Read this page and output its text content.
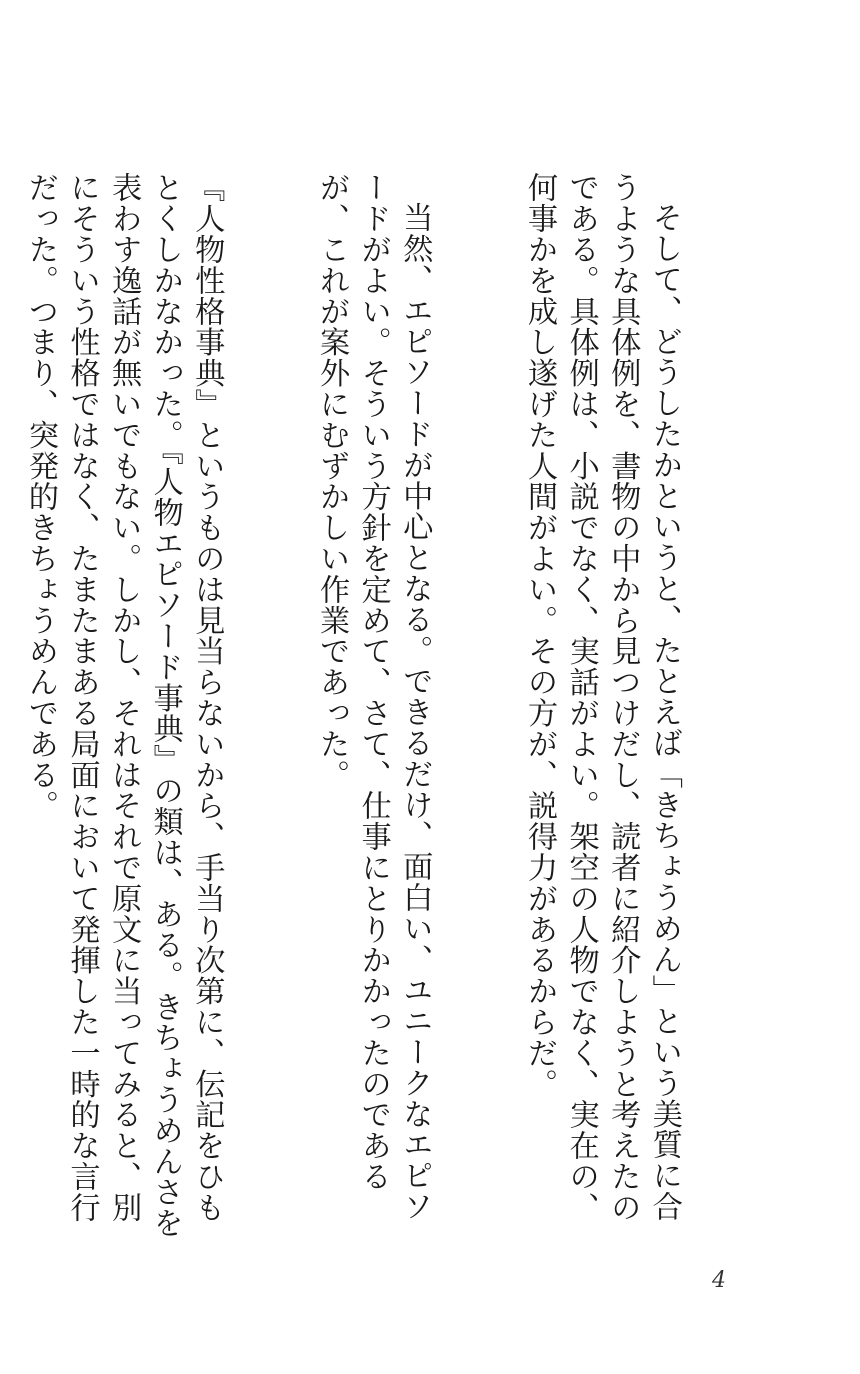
そして、どうしたかというと、たとえば「きちょうめん」という美質に合うような具体例を、書物の中から見つけだし、読者に紹介しようと考えたのである。具体例は、小説でなく、実話がよい。架空の人物でなく、実在の、何事かを成し遂げた人間がよい。その方が、説得力があるからだ。

当然、エピソードが中心となる。できるだけ、面白い、ユニークなエピソードがよい。そういう方針を定めて、さて、仕事にとりかかったのであるが、これが案外にむずかしい作業であった。

『人物性格事典』というものは見当らないから、手当り次第に、伝記をひもとくしかなかった。『人物エピソード事典』の類は、ある。きちょうめんさを表わす逸話が無いでもない。しかし、それはそれで原文に当ってみると、別にそういう性格ではなく、たまたまある局面において発揮した一時的な言行だった。つまり、突発的きちょうめんである。

4
